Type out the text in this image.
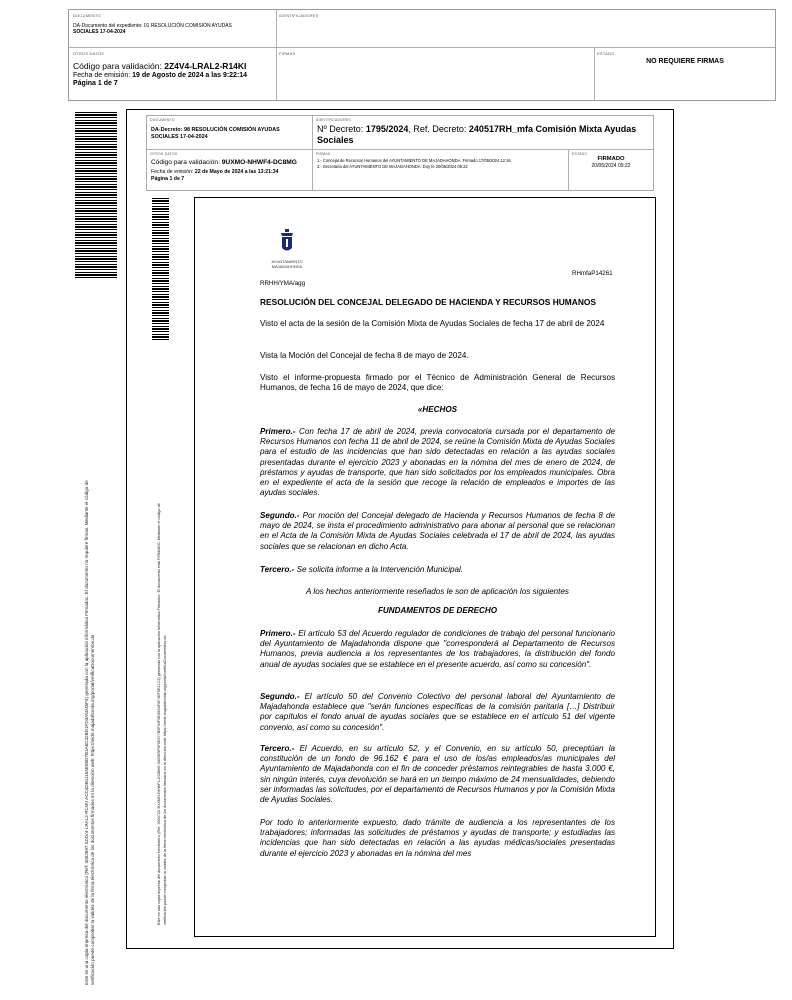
DOCUMENTO
DA-Documento del expediente: 01 RESOLUCIÓN COMISIÓN AYUDAS
SOCIALES 17-04-2024
IDENTIFICADORES
OTROS DATOS
Código para validación: 2Z4V4-LRAL2-R14KI
Fecha de emisión: 19 de Agosto de 2024 a las 9:22:14
Página 1 de 7
FIRMAS	ESTADO
NO REQUIERE FIRMAS
Este es una copia impresa del documento electrónico (Ref: 3052697 2Z4V4-LRAL2-R14KI ACC4DB11154E08D7B1A6C32BD1FD3A5D45F4) generada con la aplicación informática Firmadoc. El documento no requiere firmas. Mediante el código de verificación puede comprobar la validez de la firma electrónica de los documentos firmados en la dirección web: https://sede.majadahonda.org/portal/verificaDocumentos.do
DOCUMENTO
DA-Decreto: 98 RESOLUCIÓN COMISIÓN AYUDAS
SOCIALES 17-04-2024
IDENTIFICADORES
Nº Decreto: 1795/2024, Ref. Decreto: 240517RH_mfa Comisión Mixta Ayudas Sociales
OTROS DATOS
Código para validación: 9UXMO-NHWF4-DC8MG
Fecha de emisión: 22 de Mayo de 2024 a las 13:21:34
Página 1 de 7
FIRMAS
1.- Concejal de Recursos Humanos del AYUNTAMIENTO DE MAJADAHONDA. Firmado 17/05/2024 12:16
2.- Secretaría del AYUNTAMIENTO DE MAJADAHONDA. Doy fe 20/05/2024 09:22
ESTADO
FIRMADO
20/05/2024 09:22
Este es una copia impresa del documento electrónico (Ref: 3004720 9UXMO-NHWF4-DC8MG 9A05E5F5F0E977B9F04F6E350AF0F4DF5E41C3) generada con la aplicación informática Firmadoc. El documento está FIRMADO. Mediante el código de verificación puede comprobar la validez de la firma electrónica de los documentos firmados en la dirección web: https://sede.majadahonda.org/portal/verificaDocumentos.do
AYUNTAMIENTO
MAJADAHONDA
RHmfaP14261
RRHH/YMA/agg
RESOLUCIÓN DEL CONCEJAL DELEGADO DE HACIENDA Y RECURSOS HUMANOS
Visto el acta de la sesión de la Comisión Mixta de Ayudas Sociales de fecha 17 de abril de 2024
Vista la Moción del Concejal de fecha 8 de mayo de 2024.
Visto el informe-propuesta firmado por el Técnico de Administración General de Recursos Humanos, de fecha 16 de mayo de 2024, que dice:
«HECHOS
Primero.- Con fecha 17 de abril de 2024, previa convocatoria cursada por el departamento de Recursos Humanos con fecha 11 de abril de 2024, se reúne la Comisión Mixta de Ayudas Sociales para el estudio de las incidencias que han sido detectadas en relación a las ayudas sociales presentadas durante el ejercicio 2023 y abonadas en la nómina del mes de enero de 2024, de préstamos y ayudas de transporte, que han sido solicitados por los empleados municipales. Obra en el expediente el acta de la sesión que recoge la relación de empleados e importes de las ayudas sociales.
Segundo.- Por moción del Concejal delegado de Hacienda y Recursos Humanos de fecha 8 de mayo de 2024, se insta el procedimiento administrativo para abonar al personal que se relacionan en el Acta de la Comisión Mixta de Ayudas Sociales celebrada el 17 de abril de 2024, las ayudas sociales que se relacionan en dicho Acta.
Tercero.- Se solicita informe a la Intervención Municipal.
A los hechos anteriormente reseñados le son de aplicación los siguientes
FUNDAMENTOS DE DERECHO
Primero.- El artículo 53 del Acuerdo regulador de condiciones de trabajo del personal funcionario del Ayuntamiento de Majadahonda dispone que "corresponderá al Departamento de Recursos Humanos, previa audiencia a los representantes de los trabajadores, la distribución del fondo anual de ayudas sociales que se establece en el presente acuerdo, así como su concesión".
Segundo.- El artículo 50 del Convenio Colectivo del personal laboral del Ayuntamiento de Majadahonda establece que "serán funciones específicas de la comisión paritaria […] Distribuir por capítulos el fondo anual de ayudas sociales que se establece en el artículo 51 del vigente convenio, así como su concesión".
Tercero.- El Acuerdo, en su artículo 52, y el Convenio, en su artículo 50, preceptúan la constitución de un fondo de 96.162 € para el uso de los/as empleados/as municipales del Ayuntamiento de Majadahonda con el fin de conceder préstamos reintegrables de hasta 3.000 €, sin ningún interés, cuya devolución se hará en un tiempo máximo de 24 mensualidades, debiendo ser informadas las solicitudes, por el departamento de Recursos Humanos y por la Comisión Mixta de Ayudas Sociales.
Por todo lo anteriormente expuesto, dado trámite de audiencia a los representantes de los trabajadores; informadas las solicitudes de préstamos y ayudas de transporte; y estudiadas las incidencias que han sido detectadas en relación a las ayudas médicas/sociales presentadas durante el ejercicio 2023 y abonadas en la nómina del mes
